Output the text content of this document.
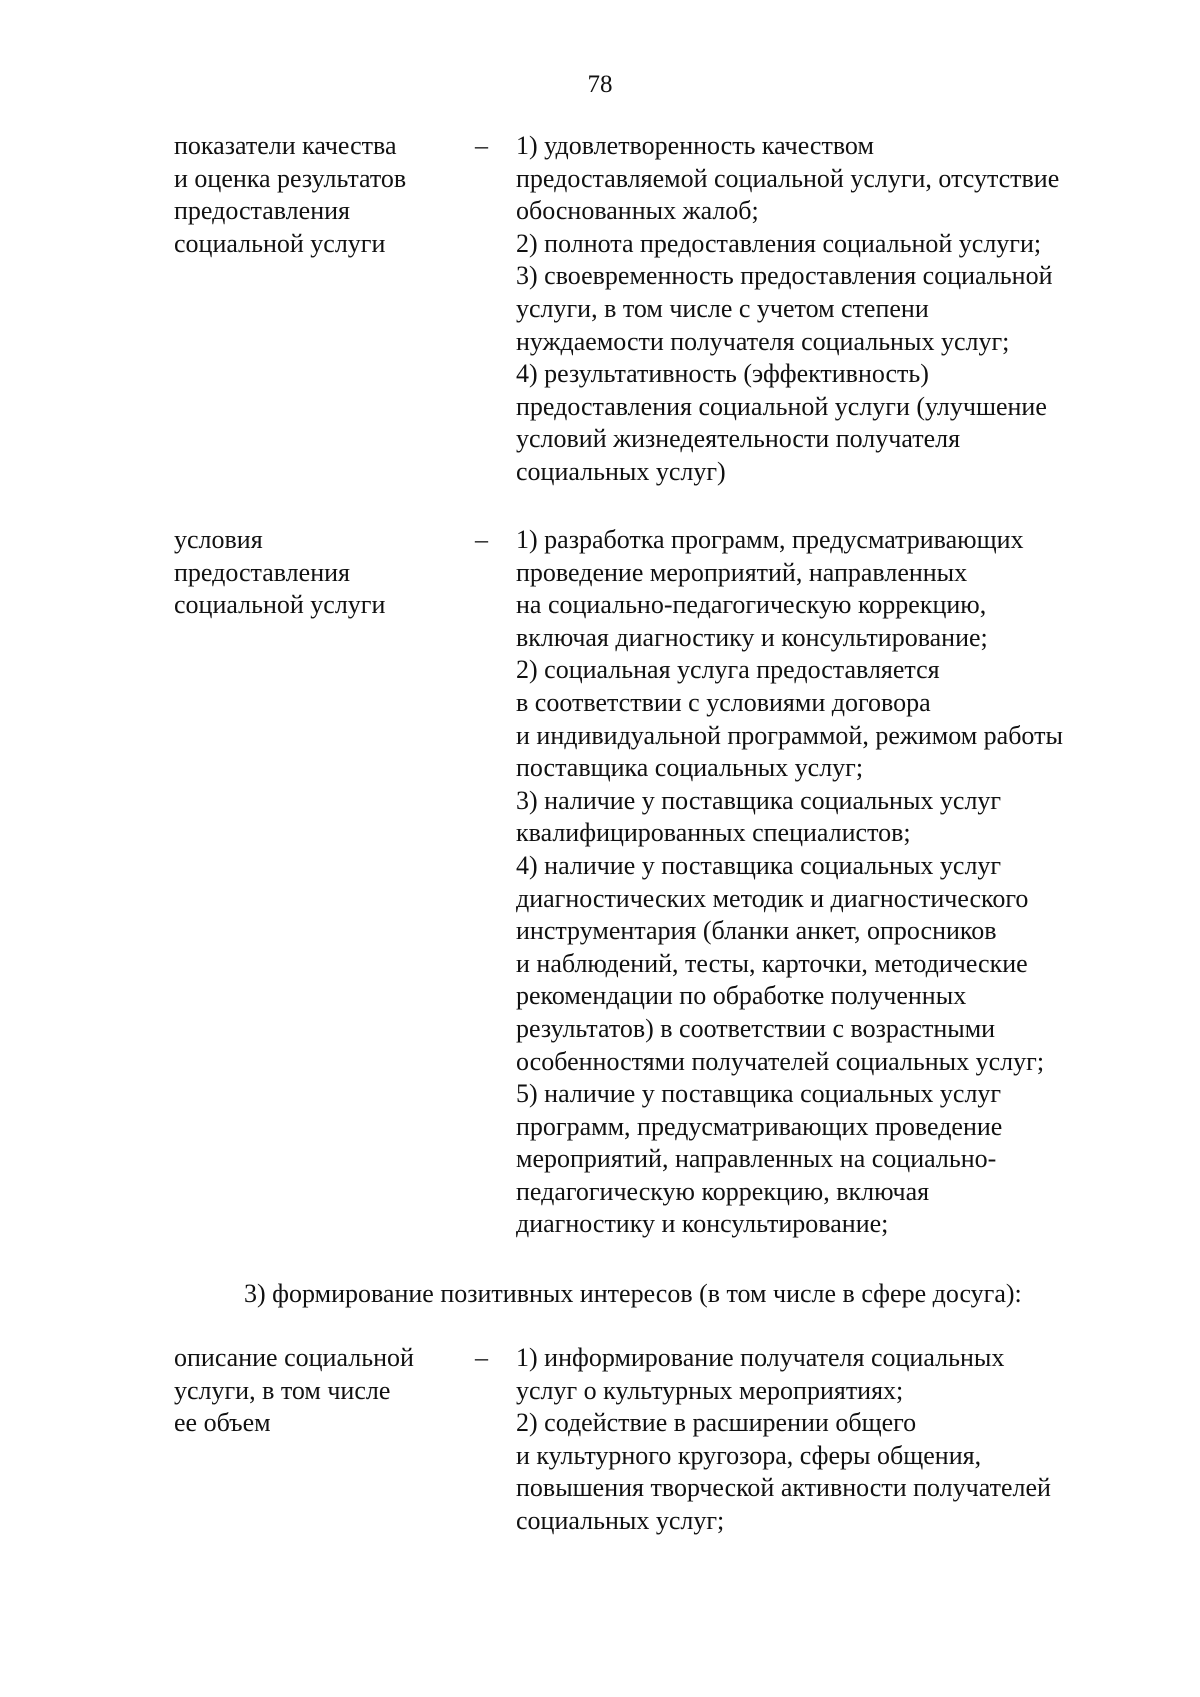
78
показатели качества
и оценка результатов
предоставления
социальной услуги
–	1) удовлетворенность качеством
предоставляемой социальной услуги, отсутствие
обоснованных жалоб;
2) полнота предоставления социальной услуги;
3) своевременность предоставления социальной
услуги, в том числе с учетом степени
нуждаемости получателя социальных услуг;
4) результативность (эффективность)
предоставления социальной услуги (улучшение
условий жизнедеятельности получателя
социальных услуг)
условия
предоставления
социальной услуги
–	1) разработка программ, предусматривающих
проведение мероприятий, направленных
на социально-педагогическую коррекцию,
включая диагностику и консультирование;
2) социальная услуга предоставляется
в соответствии с условиями договора
и индивидуальной программой, режимом работы
поставщика социальных услуг;
3) наличие у поставщика социальных услуг
квалифицированных специалистов;
4) наличие у поставщика социальных услуг
диагностических методик и диагностического
инструментария (бланки анкет, опросников
и наблюдений, тесты, карточки, методические
рекомендации по обработке полученных
результатов) в соответствии с возрастными
особенностями получателей социальных услуг;
5) наличие у поставщика социальных услуг
программ, предусматривающих проведение
мероприятий, направленных на социально-
педагогическую коррекцию, включая
диагностику и консультирование;
3) формирование позитивных интересов (в том числе в сфере досуга):
описание социальной
услуги, в том числе
ее объем
–	1) информирование получателя социальных
услуг о культурных мероприятиях;
2) содействие в расширении общего
и культурного кругозора, сферы общения,
повышения творческой активности получателей
социальных услуг;
